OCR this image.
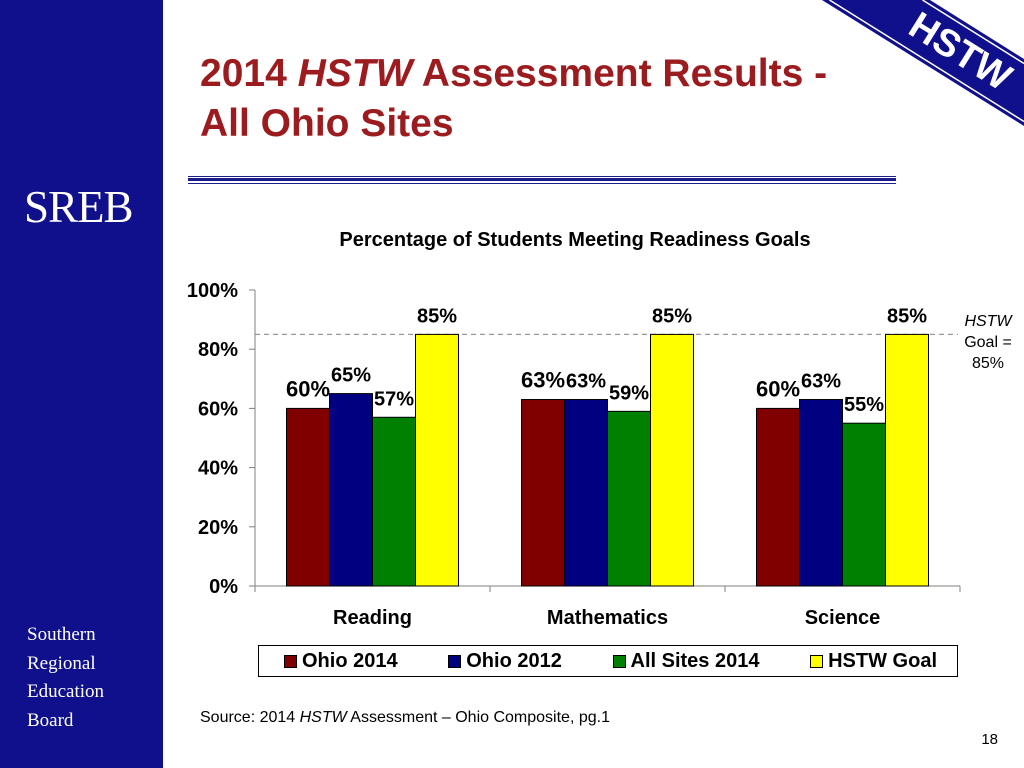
SREB
Southern
Regional
Education
Board
HSTW
2014 HSTW Assessment Results -
All Ohio Sites
Percentage of Students Meeting Readiness Goals
0%
20%
40%
60%
80%
100%
60%
65%
57%
85%
Reading
63% 63%
59%
85%
Mathematics
60% 63%
55%
85%
Science
HSTW
Goal =
85%
Ohio 2014	Ohio 2012	All Sites 2014	HSTW Goal
Source: 2014 HSTW Assessment – Ohio Composite, pg.1
18
